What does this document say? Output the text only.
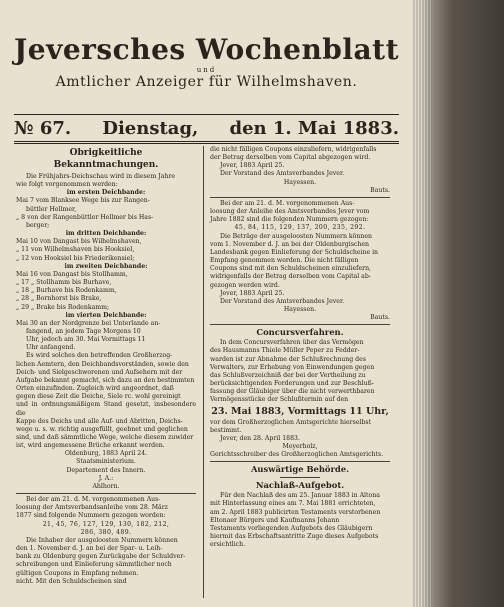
Jeversches Wochenblatt
und
Amtlicher Anzeiger für Wilhelmshaven.
№ 67. Dienstag, den 1. Mai 1883.
Obrigkeitliche Bekanntmachungen.

Die Frühjahrs-Deichschau wird in diesem Jahre

wie folgt vorgenommen werden:

im ersten Deichbande:

Mai 7 vom Blanksee Wege bis zur Rangen-

büttler Hellmer,

„ 8 von der Rangenbüttler Hellmer bis Has-

berger;

im dritten Deichbande:

Mai 10 von Dangast bis Wilhelmshaven,

„ 11 von Wilhelmshaven bis Hooksiel,

„ 12 von Hooksiel bis Friederikensiel;

im zweiten Deichbande:

Mai 16 von Dangast bis Stollhamm,

„ 17 „ Stollhamm bis Burhave,

„ 18 „ Burhave bis Rodenkamm,

„ 28 „ Bornhorst bis Brake,

„ 29 „ Brake bis Rodenkamm;

im vierten Deichbande:

Mai 30 an der Nordgrenze bei Unterlande an-

fangend, an jedem Tage Morgens 10

Uhr, jedoch am 30. Mai Vormittags 11

Uhr anfangend.

Es wird solches den betreffenden Großherzog-

lichen Aemtern, den Deichbandsvorständen, sowie den

Deich- und Sielgeschworenen und Aufsehern mit der

Aufgabe bekannt gemacht, sich dazu an den bestimmten

Orten einzufinden. Zugleich wird angeordnet, daß

gegen diese Zeit die Deiche, Siele rc. wohl gereinigt

und in ordnungsmäßigem Stand gesetzt, insbesondere die

Kappe des Deichs und alle Auf- und Abritten, Deichs-

wege u. s. w. richtig ausgefüllt, geebnet und geglichen

sind, und daß sämmtliche Wege, welche diesem zuwider

ist, wird angemessene Brüche erkannt werden.

Oldenburg, 1883 April 24.

Staatsministerium.

Departement des Innern.

J. A.:

Ahlhorn.

Bei der am 21. d. M. vorgenommenen Aus-

loosung der Amtsverbandsanleihe vom 28. März

1877 sind folgende Nummern gezogen worden:

21, 45, 76, 127, 129, 130, 182, 212,

286, 380, 489.

Die Inhaber der ausgeloosten Nummern können

den 1. November d. J. an bei der Spar- u. Leih-

bank zu Oldenburg gegen Zurückgabe der Schuldver-

schreibungen und Einlieferung sämmtlicher noch

gültigen Coupons in Empfang nehmen.

nicht. Mit den Schuldscheinen sind

die nicht fälligen Coupons einzuliefern, widrigenfalls

der Betrag derselben vom Capital abgezogen wird.

Jever, 1883 April 25.

Der Vorstand des Amtsverbandes Jever.

Hayessen.

Bauts.

Bei der am 21. d. M. vorgenommenen Aus-

loosung der Anleihe des Amtsverbandes Jever vom

Jahre 1882 sind die folgenden Nummern gezogen:

45, 84, 115, 129, 137, 200, 235, 292.

Die Beträge der ausgeloosten Nummern können

vom 1. November d. J. an bei der Oldenburgischen

Landesbank gegen Einlieferung der Schuldscheine in

Empfang genommen werden. Die nicht fälligen

Coupons sind mit den Schuldscheinen einzuliefern,

widrigenfalls der Betrag derselben vom Capital ab-

gezogen werden wird.

Jever, 1883 April 25.

Der Vorstand des Amtsverbandes Jever.

Hayessen.

Bauts.

Concursverfahren.

In dem Concursverfahren über das Vermögen

des Hausmanns Thiele Müller Peper zu Fedder-

warden ist zur Abnahme der Schlußrechnung des

Verwalters, zur Erhebung von Einwendungen gegen

das Schlußverzeichniß der bei der Vertheilung zu

berücksichtigenden Forderungen und zur Beschluß-

fassung der Gläubiger über die nicht verwerthbaren

Vermögensstücke der Schlußtermin auf den

23. Mai 1883, Vormittags 11 Uhr,

vor dem Großherzoglichen Amtsgerichte hierselbst

bestimmt.

Jever, den 28. April 1883.

Meyerholz,

Gerichtsschreiber des Großherzoglichen Amtsgerichts.

Auswärtige Behörde.
Nachlaß-Aufgebot.

Für den Nachlaß des am 25. Januar 1883 in Altona

mit Hinterlassung eines am 7. Mai 1881 errichteten,

am 2. April 1883 publicirten Testaments verstorbenen

Eltonaer Bürgers und Kaufmanns Johann

Testaments vorliegenden Aufgebots des Gläubigern

hiermit das Erbschaftsantritte Zuge dieses Aufgebots

ersichtlich.
